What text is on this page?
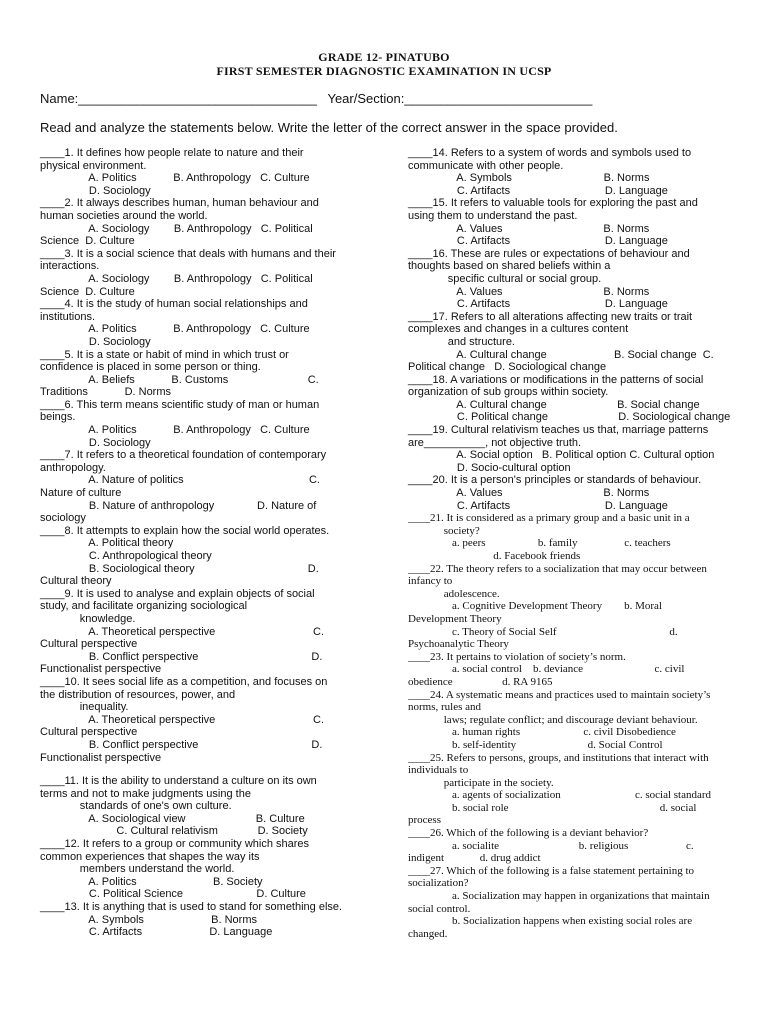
GRADE 12- PINATUBO
FIRST SEMESTER DIAGNOSTIC EXAMINATION IN UCSP
Name:_________________________________   Year/Section:__________________________
Read and analyze the statements below. Write the letter of the correct answer in the space provided.
____1. It defines how people relate to nature and their
physical environment.
A. Politics            B. Anthropology   C. Culture
D. Sociology
____2. It always describes human, human behaviour and
human societies around the world.
A. Sociology        B. Anthropology   C. Political
Science  D. Culture
____3. It is a social science that deals with humans and their
interactions.
A. Sociology        B. Anthropology   C. Political
Science  D. Culture
____4. It is the study of human social relationships and
institutions.
A. Politics            B. Anthropology   C. Culture
D. Sociology
____5. It is a state or habit of mind in which trust or
confidence is placed in some person or thing.
A. Beliefs            B. Customs                          C.
Traditions            D. Norms
____6. This term means scientific study of man or human
beings.
A. Politics            B. Anthropology   C. Culture
D. Sociology
____7. It refers to a theoretical foundation of contemporary
anthropology.
A. Nature of politics                                         C.
Nature of culture
B. Nature of anthropology              D. Nature of
sociology
____8. It attempts to explain how the social world operates.
A. Political theory
C. Anthropological theory
B. Sociological theory                                     D.
Cultural theory
____9. It is used to analyse and explain objects of social
study, and facilitate organizing sociological
knowledge.
A. Theoretical perspective                                C.
Cultural perspective
B. Conflict perspective                                     D.
Functionalist perspective
____10. It sees social life as a competition, and focuses on
the distribution of resources, power, and
inequality.
A. Theoretical perspective                                C.
Cultural perspective
B. Conflict perspective                                     D.
Functionalist perspective
____11. It is the ability to understand a culture on its own
terms and not to make judgments using the
standards of one's own culture.
A. Sociological view                       B. Culture
C. Cultural relativism             D. Society
____12. It refers to a group or community which shares
common experiences that shapes the way its
members understand the world.
A. Politics                         B. Society
C. Political Science                        D. Culture
____13. It is anything that is used to stand for something else.
A. Symbols                      B. Norms
C. Artifacts                      D. Language
____14. Refers to a system of words and symbols used to
communicate with other people.
A. Symbols                              B. Norms
C. Artifacts                               D. Language
____15. It refers to valuable tools for exploring the past and
using them to understand the past.
A. Values                                 B. Norms
C. Artifacts                               D. Language
____16. These are rules or expectations of behaviour and
thoughts based on shared beliefs within a
specific cultural or social group.
A. Values                                 B. Norms
C. Artifacts                               D. Language
____17. Refers to all alterations affecting new traits or trait
complexes and changes in a cultures content
and structure.
A. Cultural change                      B. Social change  C.
Political change   D. Sociological change
____18. A variations or modifications in the patterns of social
organization of sub groups within society.
A. Cultural change                       B. Social change
C. Political change                       D. Sociological change
____19. Cultural relativism teaches us that, marriage patterns
are__________, not objective truth.
A. Social option   B. Political option C. Cultural option
D. Socio-cultural option
____20. It is a person's principles or standards of behaviour.
A. Values                                 B. Norms
C. Artifacts                               D. Language
____21. It is considered as a primary group and a basic unit in a
society?
a. peers                   b. family                 c. teachers
d. Facebook friends
____22. The theory refers to a socialization that may occur between
infancy to
adolescence.
a. Cognitive Development Theory        b. Moral
Development Theory
c. Theory of Social Self                                         d.
Psychoanalytic Theory
____23. It pertains to violation of society’s norm.
a. social control    b. deviance                          c. civil
obedience                  d. RA 9165
____24. A systematic means and practices used to maintain society’s
norms, rules and
laws; regulate conflict; and discourage deviant behaviour.
a. human rights                       c. civil Disobedience
b. self-identity                          d. Social Control
____25. Refers to persons, groups, and institutions that interact with
individuals to
participate in the society.
a. agents of socialization                           c. social standard
b. social role                                                       d. social
process
____26. Which of the following is a deviant behavior?
a. socialite                             b. religious                     c.
indigent             d. drug addict
____27. Which of the following is a false statement pertaining to
socialization?
a. Socialization may happen in organizations that maintain
social control.
b. Socialization happens when existing social roles are
changed.
